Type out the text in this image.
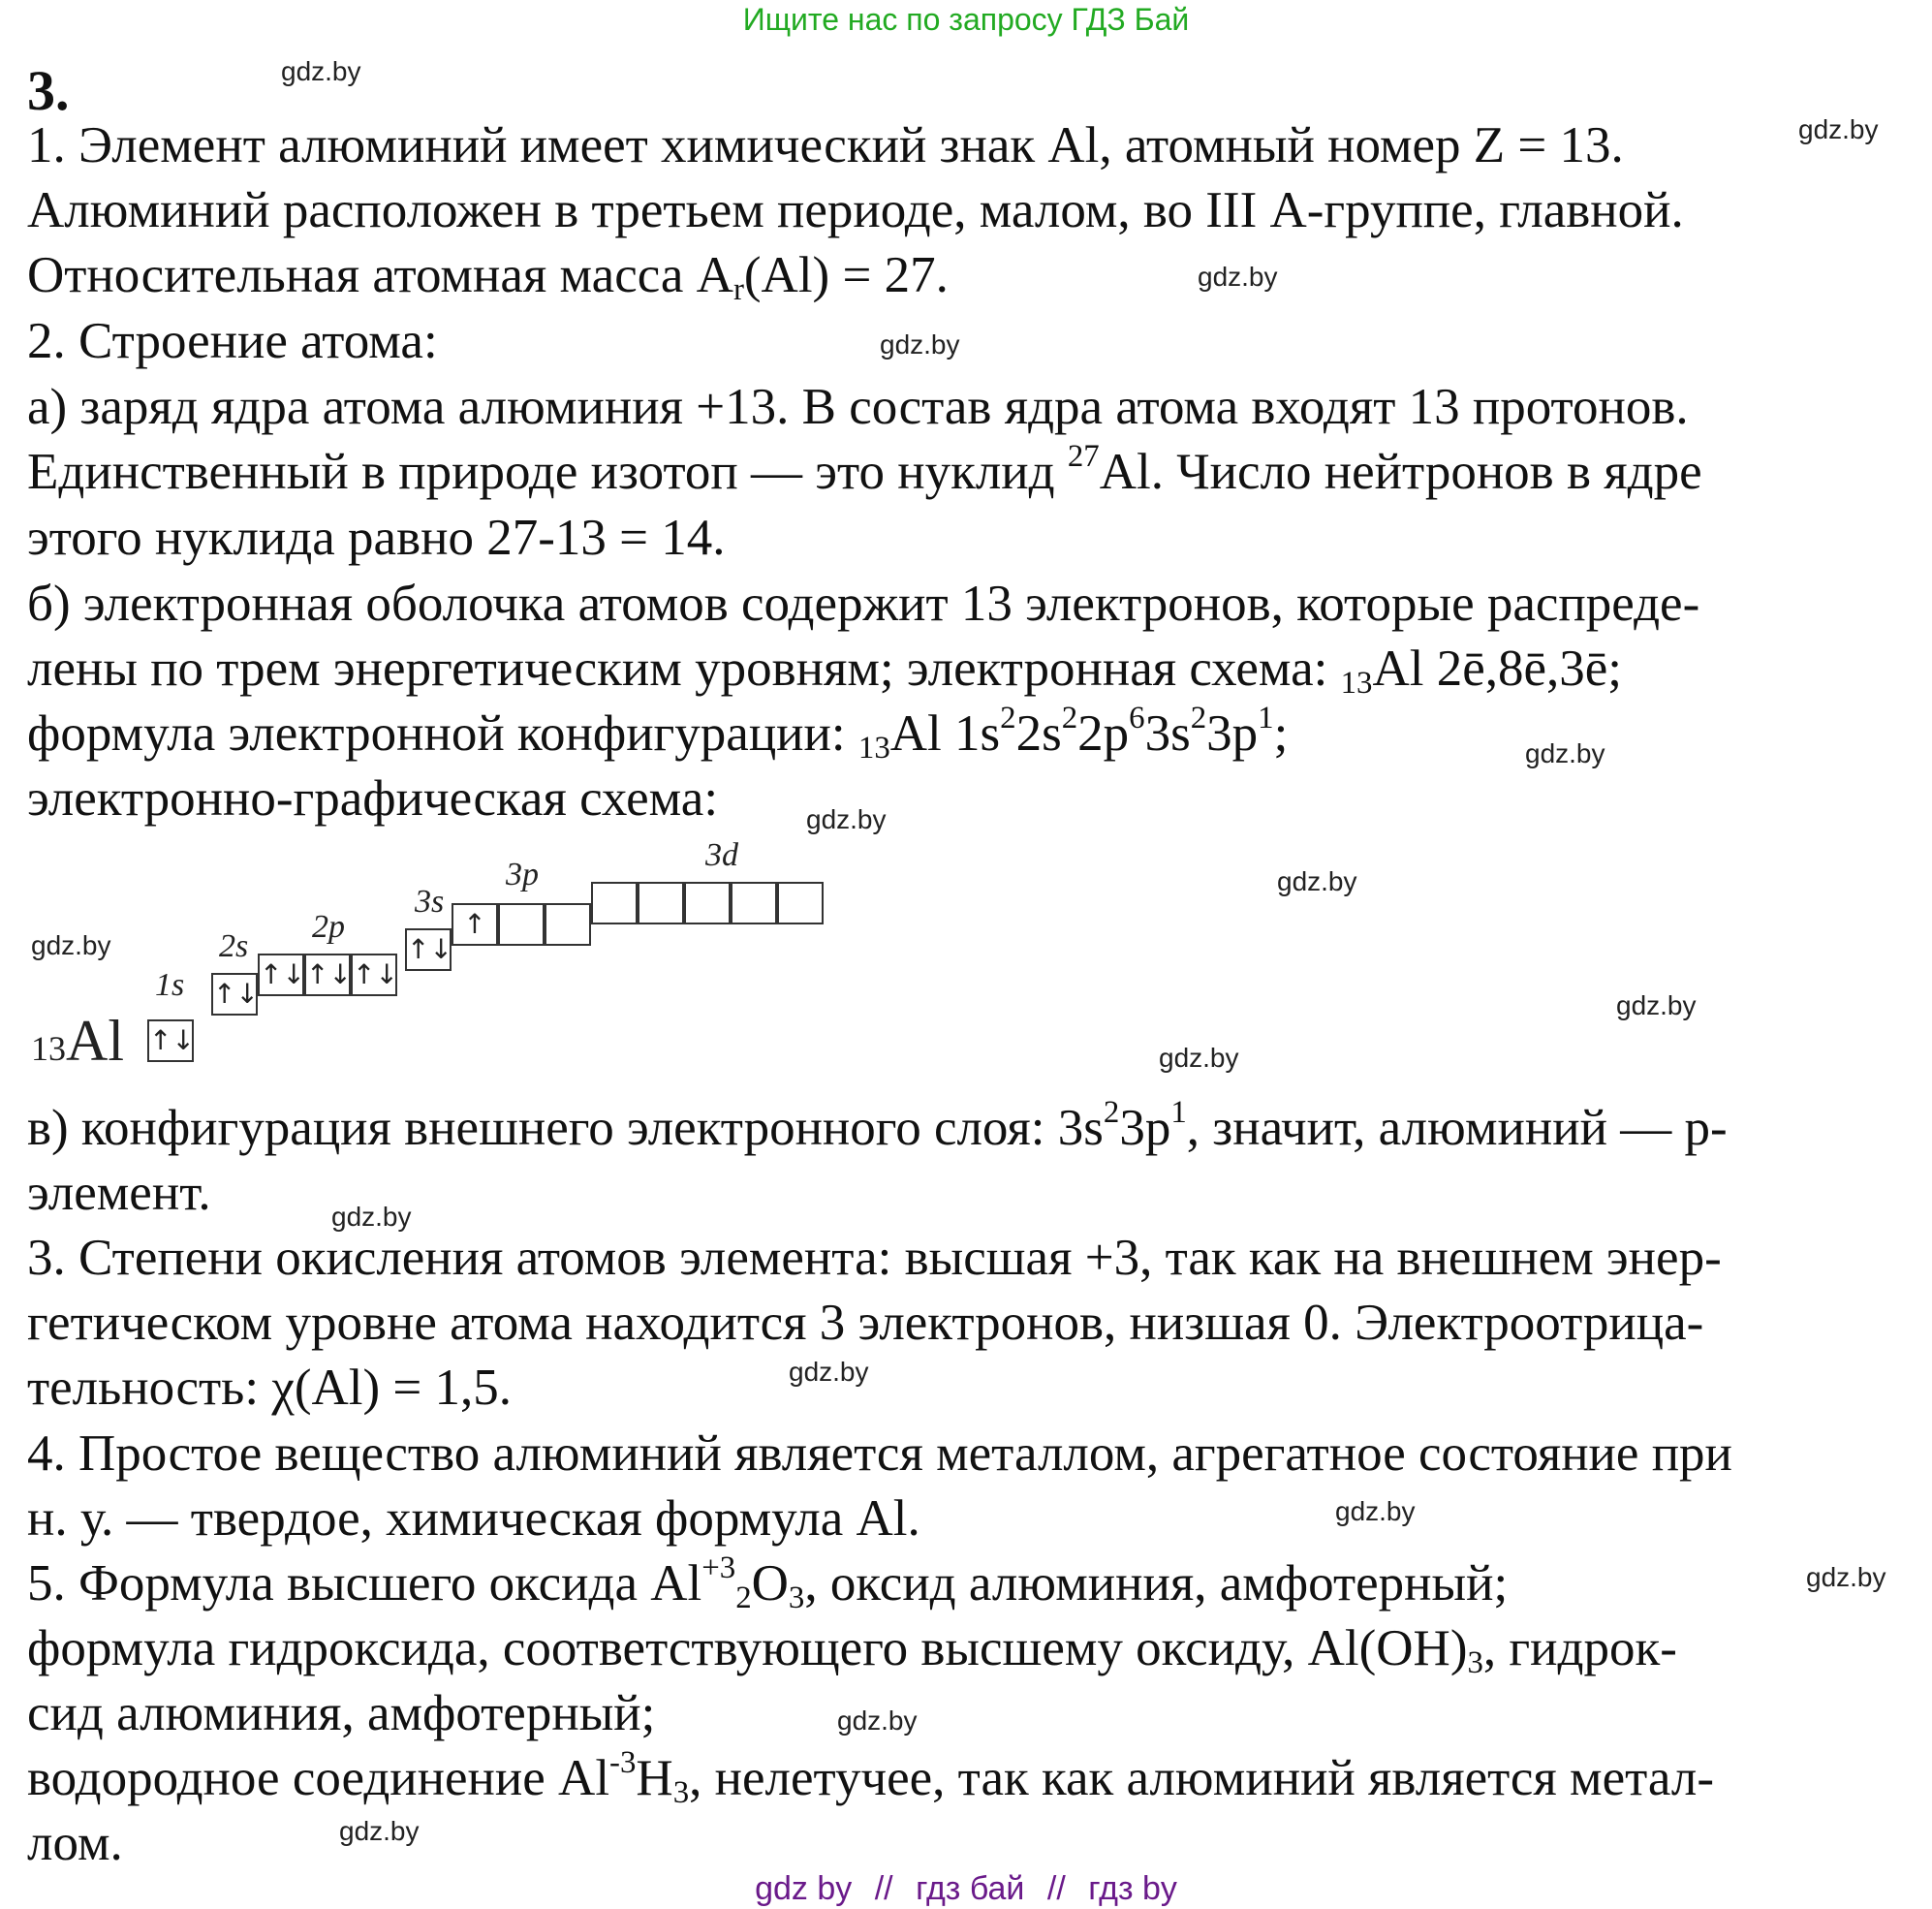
Ищите нас по запросу ГДЗ Бай
3.
1. Элемент алюминий имеет химический знак Al, атомный номер Z = 13.
Алюминий расположен в третьем периоде, малом, во III А-группе, главной.
Относительная атомная масса $A_r(Al) = 27$.
2. Строение атома:
а) заряд ядра атома алюминия +13. В состав ядра атома входят 13 протонов.
Единственный в природе изотоп — это нуклид $^{27}$Al. Число нейтронов в ядре
этого нуклида равно 27-13 = 14.
б) электронная оболочка атомов содержит 13 электронов, которые распреде-
лены по трем энергетическим уровням; электронная схема: $_{13}$Al 2ē,8ē,3ē;
формула электронной конфигурации: $_{13}$Al $1s^22s^22p^63s^23p^1$;
электронно-графическая схема:
13Al
1s
2s
2p
3s
3p
3d
↑↓
↑↓
↑↓ ↑↓ ↑↓
↑↓
↑
в) конфигурация внешнего электронного слоя: $3s^23p^1$, значит, алюминий — p-
элемент.
3. Степени окисления атомов элемента: высшая +3, так как на внешнем энер-
гетическом уровне атома находится 3 электронов, низшая 0. Электроотрица-
тельность: χ(Al) = 1,5.
4. Простое вещество алюминий является металлом, агрегатное состояние при
н. у. — твердое, химическая формула Al.
5. Формула высшего оксида $Al^{+3}_2O_3$, оксид алюминия, амфотерный;
формула гидроксида, соответствующего высшему оксиду, $Al(OH)_3$, гидрок-
сид алюминия, амфотерный;
водородное соединение $Al^{-3}H_3$, нелетучее, так как алюминий является метал-
лом.
gdz.by
gdz.by
gdz.by
gdz.by
gdz.by
gdz.by
gdz.by
gdz.by
gdz.by
gdz.by
gdz.by
gdz.by
gdz.by
gdz.by
gdz.by
gdz.by
gdz by // гдз бай // гдз by
